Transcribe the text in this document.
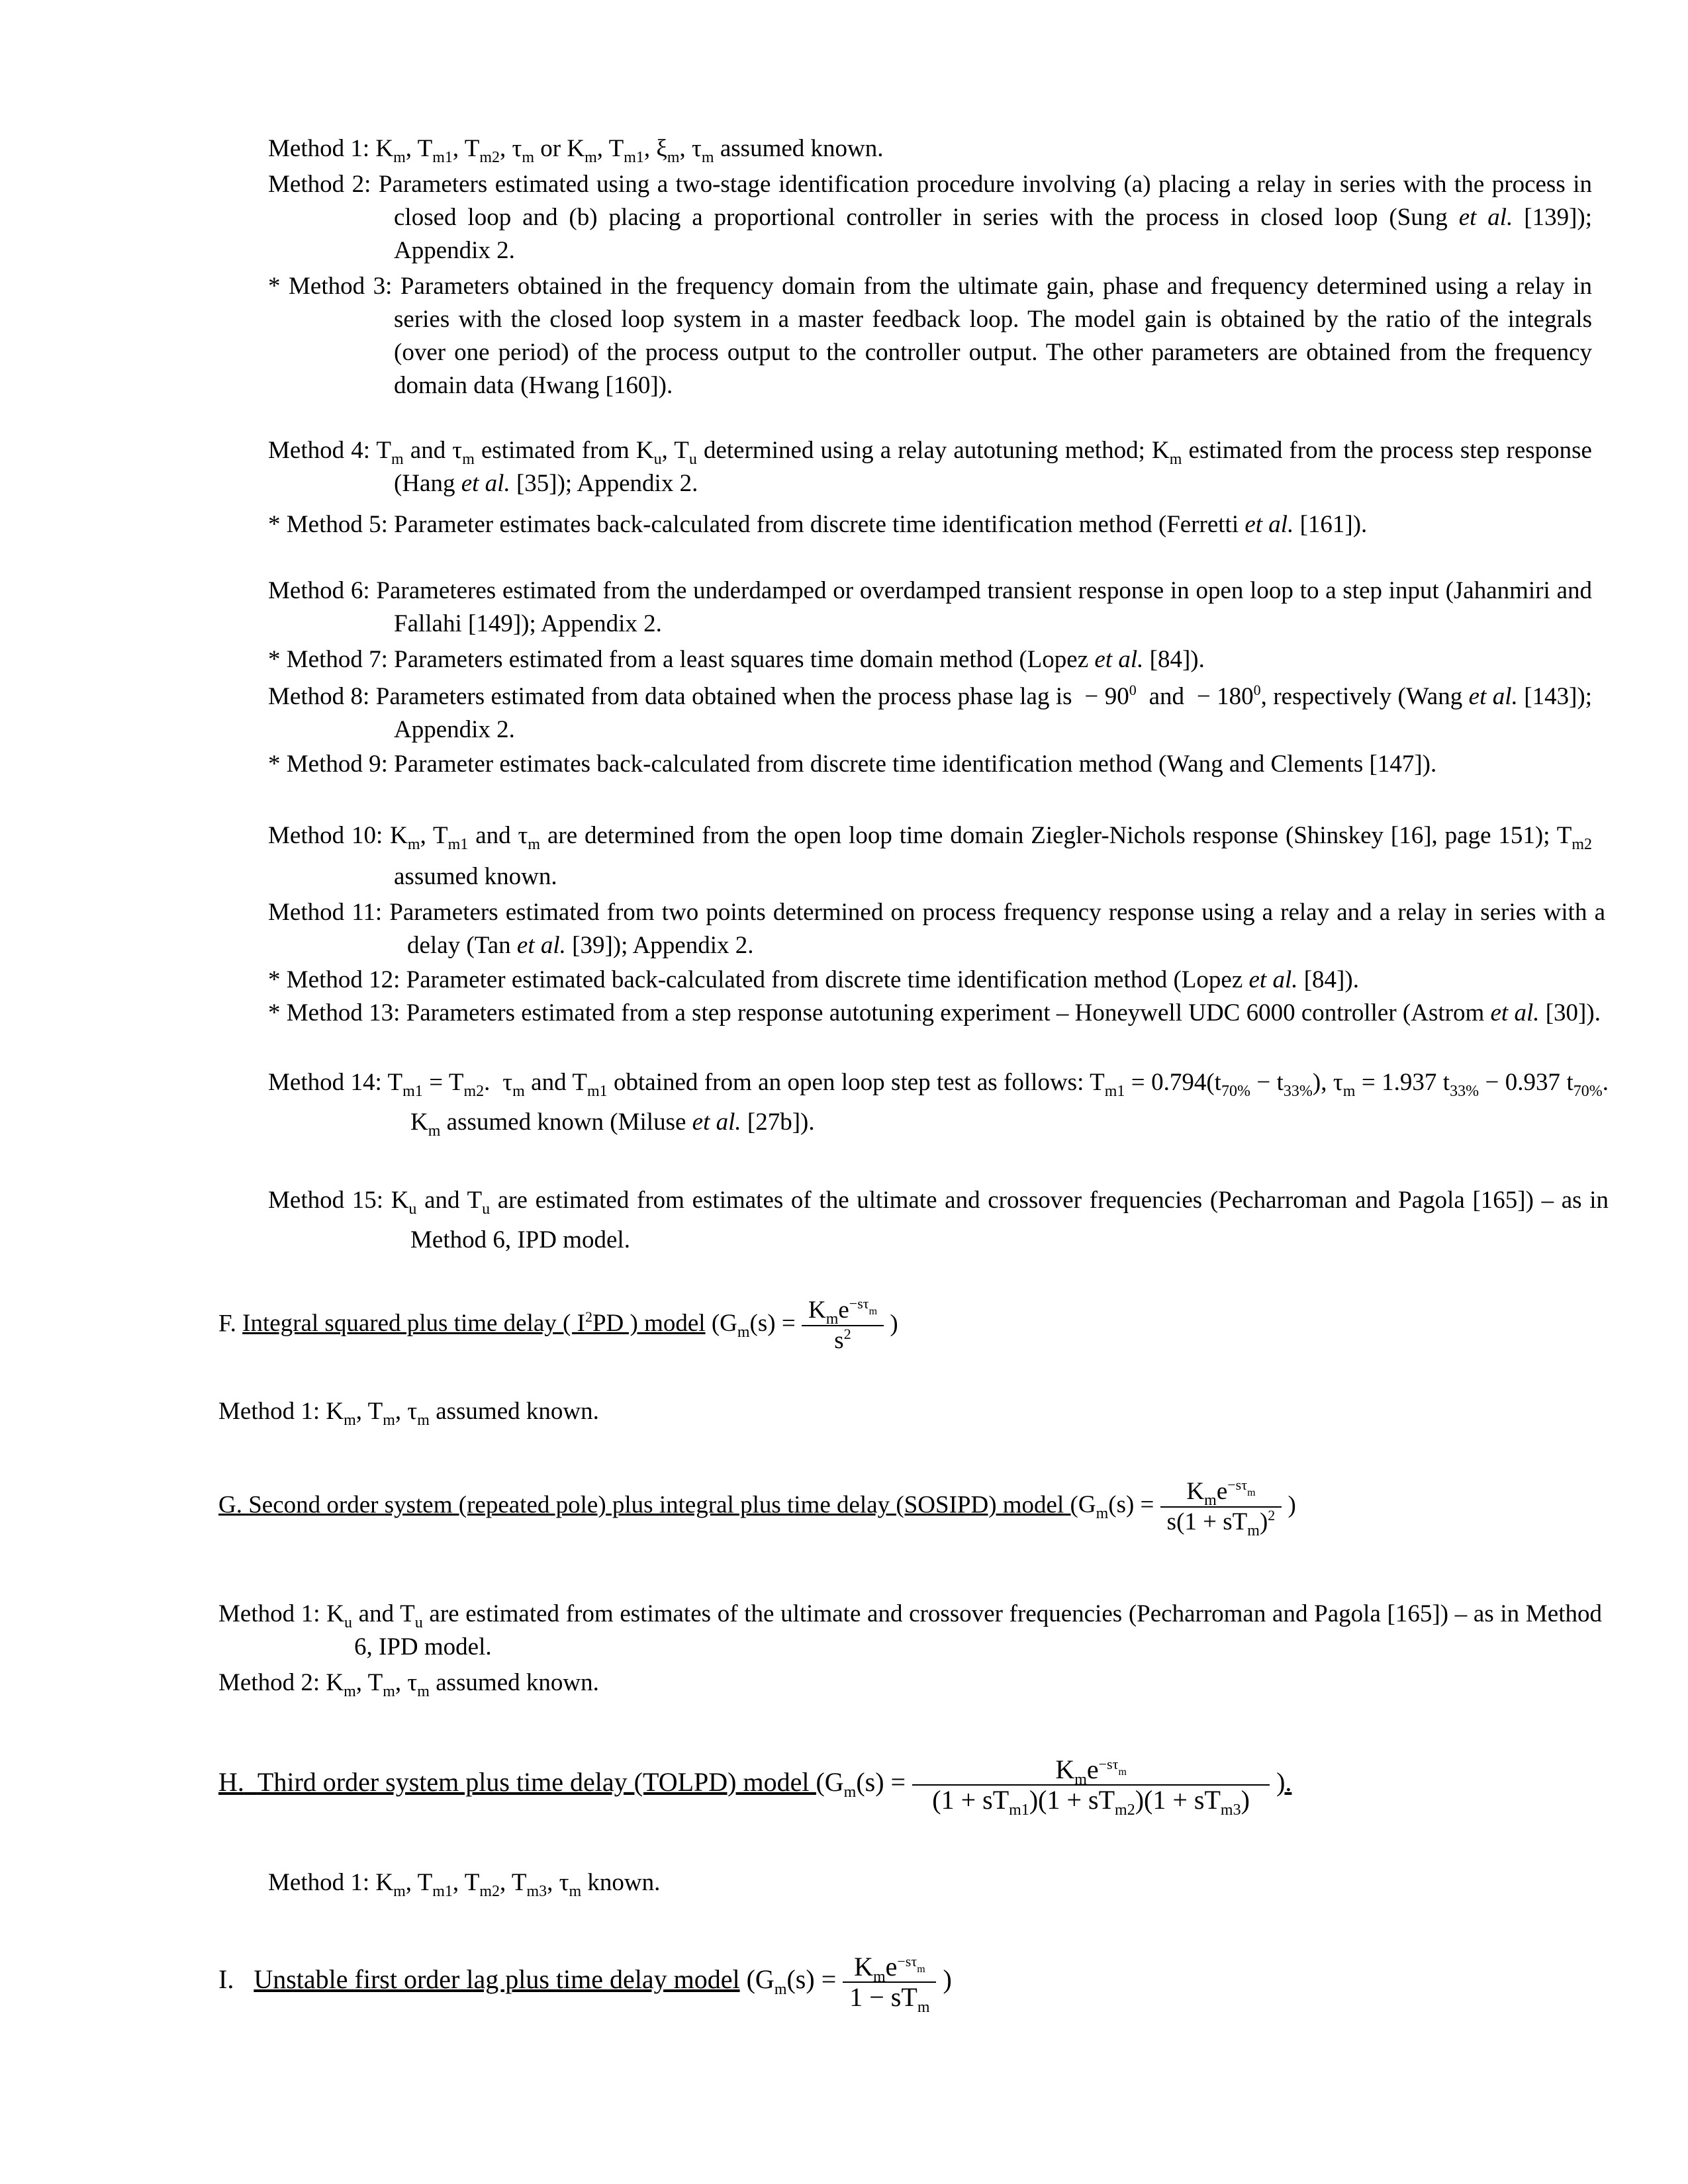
Method 1: $K_m$, $T_{m1}$, $T_{m2}$, $\tau_m$ or $K_m$, $T_{m1}$, $\xi_m$, $\tau_m$ assumed known.
Method 2: Parameters estimated using a two-stage identification procedure involving (a) placing a relay in series with the process in closed loop and (b) placing a proportional controller in series with the process in closed loop (Sung et al. [139]); Appendix 2.
* Method 3: Parameters obtained in the frequency domain from the ultimate gain, phase and frequency determined using a relay in series with the closed loop system in a master feedback loop. The model gain is obtained by the ratio of the integrals (over one period) of the process output to the controller output. The other parameters are obtained from the frequency domain data (Hwang [160]).
Method 4: $T_m$ and $\tau_m$ estimated from $K_u$, $T_u$ determined using a relay autotuning method; $K_m$ estimated from the process step response (Hang et al. [35]); Appendix 2.
* Method 5: Parameter estimates back-calculated from discrete time identification method (Ferretti et al. [161]).
Method 6: Parameteres estimated from the underdamped or overdamped transient response in open loop to a step input (Jahanmiri and Fallahi [149]); Appendix 2.
* Method 7: Parameters estimated from a least squares time domain method (Lopez et al. [84]).
Method 8: Parameters estimated from data obtained when the process phase lag is  − $90^0$  and  − $180^0$, respectively (Wang et al. [143]); Appendix 2.
* Method 9: Parameter estimates back-calculated from discrete time identification method (Wang and Clements [147]).
Method 10: $K_m$, $T_{m1}$ and $\tau_m$ are determined from the open loop time domain Ziegler-Nichols response (Shinskey [16], page 151); $T_{m2}$ assumed known.
Method 11: Parameters estimated from two points determined on process frequency response using a relay and a relay in series with a delay (Tan et al. [39]); Appendix 2.
* Method 12: Parameter estimated back-calculated from discrete time identification method (Lopez et al. [84]).
* Method 13: Parameters estimated from a step response autotuning experiment – Honeywell UDC 6000 controller (Astrom et al. [30]).
Method 14: $T_{m1} = T_{m2}$.  $\tau_m$ and $T_{m1}$ obtained from an open loop step test as follows: $T_{m1} = 0.794(t_{70\%} - t_{33\%})$, $\tau_m = 1.937$ $t_{33\%} - 0.937$ $t_{70\%}$. $K_m$ assumed known (Miluse et al. [27b]).
Method 15: $K_u$ and $T_u$ are estimated from estimates of the ultimate and crossover frequencies (Pecharroman and Pagola [165]) – as in Method 6, IPD model.
F. Integral squared plus time delay ( $I^2PD$ ) model ($G_m(s) = \frac{K_me^{-s\tau_m}}{s^2}$ )
Method 1: $K_m$, $T_m$, $\tau_m$ assumed known.
G. Second order system (repeated pole) plus integral plus time delay (SOSIPD) model ($G_m(s) = \frac{K_me^{-s\tau_m}}{s(1 + sT_m)^2}$ )
Method 1: $K_u$ and $T_u$ are estimated from estimates of the ultimate and crossover frequencies (Pecharroman and Pagola [165]) – as in Method 6, IPD model.
Method 2: $K_m$, $T_m$, $\tau_m$ assumed known.
H. Third order system plus time delay (TOLPD) model ($G_m(s) = \frac{K_me^{-s\tau_m}}{(1 + sT_{m1})(1 + sT_{m2})(1 + sT_{m3})}$ ).
Method 1: $K_m$, $T_{m1}$, $T_{m2}$, $T_{m3}$, $\tau_m$ known.
I. Unstable first order lag plus time delay model ($G_m(s) = \frac{K_me^{-s\tau_m}}{1 - sT_m}$ )
